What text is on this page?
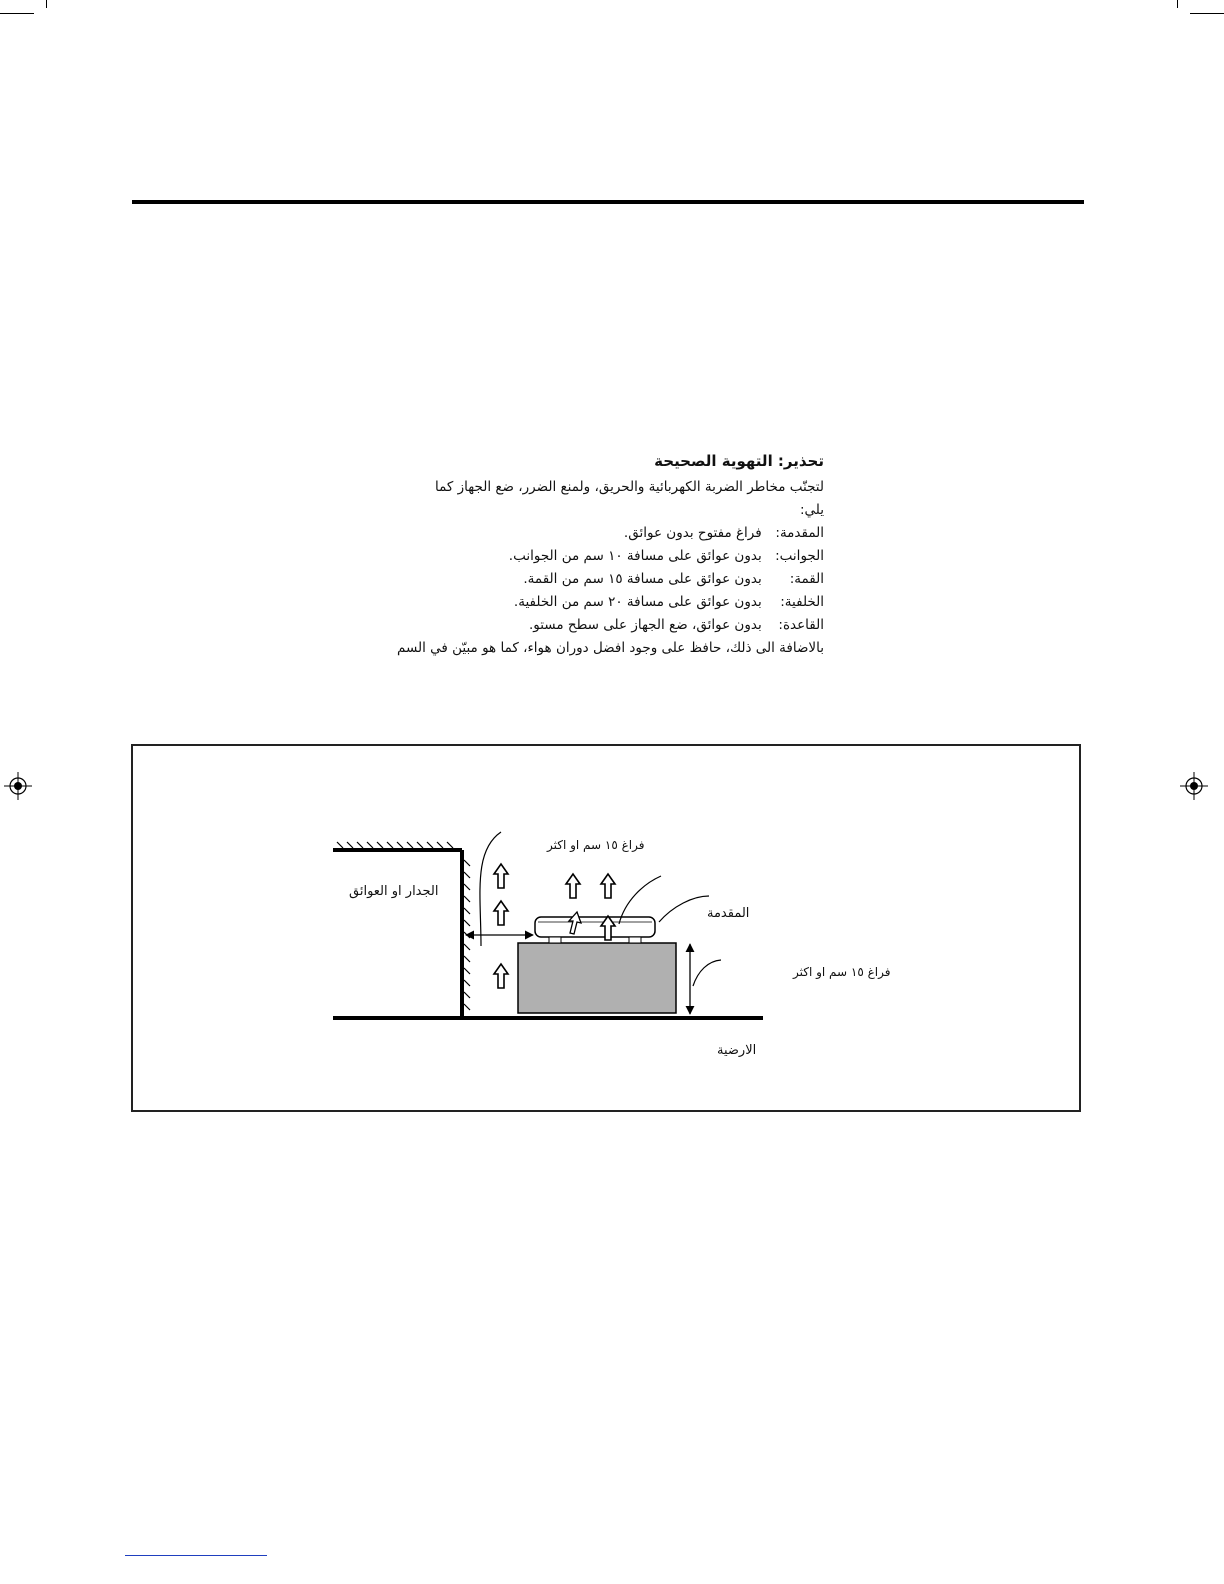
تحذير: التهوية الصحيحة
لتجنّب مخاطر الضربة الكهربائية والحريق، ولمنع الضرر، ضع الجهاز كما
يلي:
المقدمة: فراغ مفتوح بدون عوائق.
الجوانب: بدون عوائق على مسافة ١٠ سم من الجوانب.
القمة: بدون عوائق على مسافة ١٥ سم من القمة.
الخلفية: بدون عوائق على مسافة ٢٠ سم من الخلفية.
القاعدة: بدون عوائق، ضع الجهاز على سطح مستو.
بالاضافة الى ذلك، حافظ على وجود افضل دوران هواء، كما هو مبيّن في السم
فراغ ١٥ سم او اكثر
الجدار او العوائق
المقدمة
فراغ ١٥ سم او اكثر
الارضية
